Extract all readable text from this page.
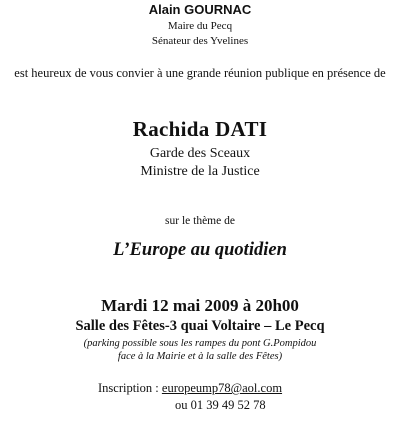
Alain GOURNAC
Maire du Pecq
Sénateur des Yvelines
est heureux de vous convier à une grande réunion publique en présence de
Rachida DATI
Garde des Sceaux
Ministre de la Justice
sur le thème de
L’Europe au quotidien
Mardi 12 mai 2009 à 20h00
Salle des Fêtes-3 quai Voltaire – Le Pecq
(parking possible sous les rampes du pont G.Pompidou
face à la Mairie et à la salle des Fêtes)
Inscription : europeump78@aol.com
ou 01 39 49 52 78
